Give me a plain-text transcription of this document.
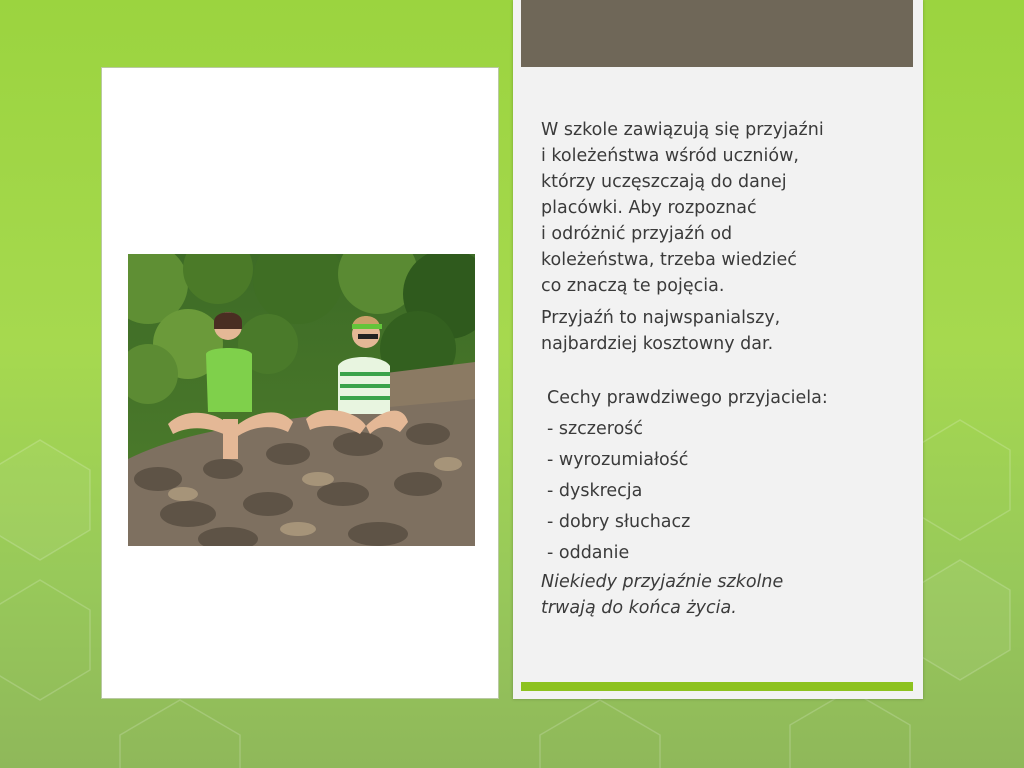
W szkole zawiązują się przyjaźni
i koleżeństwa wśród uczniów,
którzy uczęszczają do danej
placówki. Aby rozpoznać
i odróżnić przyjaźń od
koleżeństwa, trzeba wiedzieć
co znaczą te pojęcia.

Przyjaźń to najwspanialszy,
najbardziej kosztowny dar.

Cechy prawdziwego przyjaciela:

- szczerość

- wyrozumiałość

- dyskrecja

- dobry słuchacz

- oddanie

Niekiedy przyjaźnie szkolne
trwają do końca życia.
